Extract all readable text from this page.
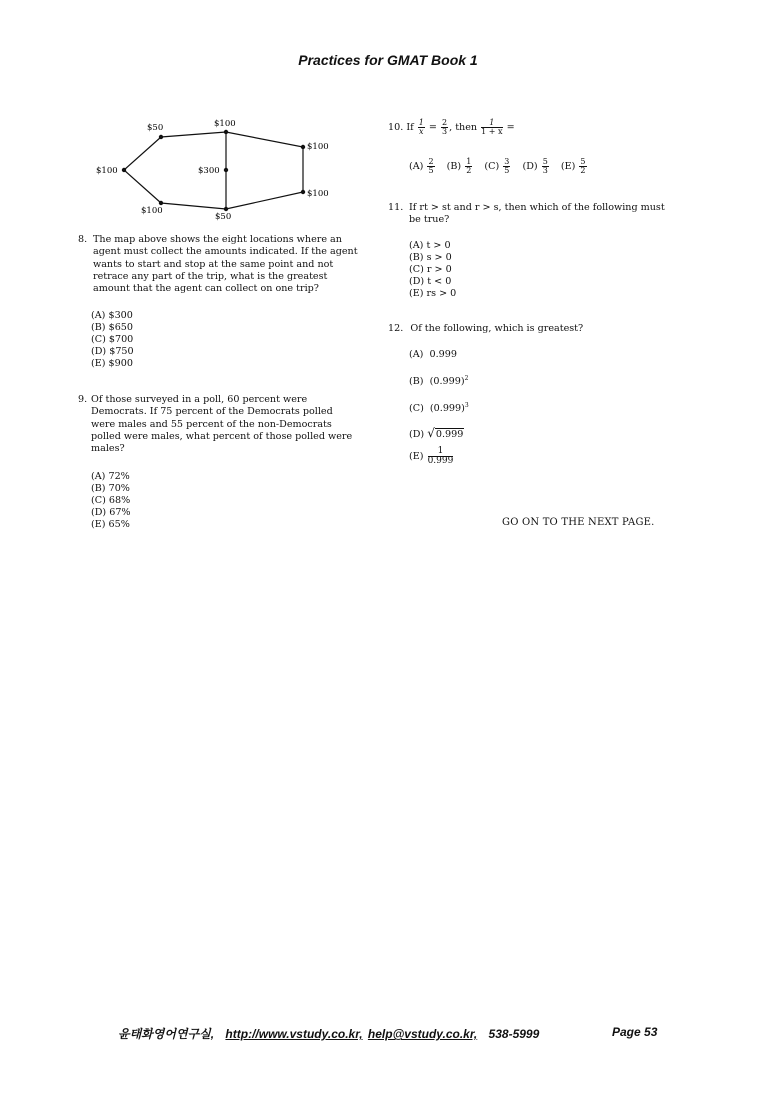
Practices for GMAT Book 1
$50	$100
$100
$100	$300
$100
$100
$50
8. The map above shows the eight locations where an agent must collect the amounts indicated. If the agent wants to start and stop at the same point and not retrace any part of the trip, what is the greatest amount that the agent can collect on one trip?
(A) $300
(B) $650
(C) $700
(D) $750
(E) $900
9. Of those surveyed in a poll, 60 percent were Democrats. If 75 percent of the Democrats polled were males and 55 percent of the non-Democrats polled were males, what percent of those polled were males?
(A) 72%
(B) 70%
(C) 68%
(D) 67%
(E) 65%
10. If $\frac{1}{x} = \frac{2}{3}$ , then $\frac{1}{1 + x}$ =
$(A) \frac{2}{5} (B) \frac{1}{2} (C) \frac{3}{5} (D) \frac{5}{3} (E) \frac{5}{2}$
11. If rt > st and r > s, then which of the following must be true?
(A) t > 0
(B) s > 0
(C) r > 0
(D) t < 0
(E) rs > 0
12. Of the following, which is greatest?
(A)  0.999
(B)  $(0.999)^2$
(C)  $(0.999)^3$
(D) √0.999
$(E) \frac{1}{0.999}$
GO ON TO THE NEXT PAGE.
윤태화영어연구실, http://www.vstudy.co.kr, help@vstudy.co.kr, 538-5999	Page 53
